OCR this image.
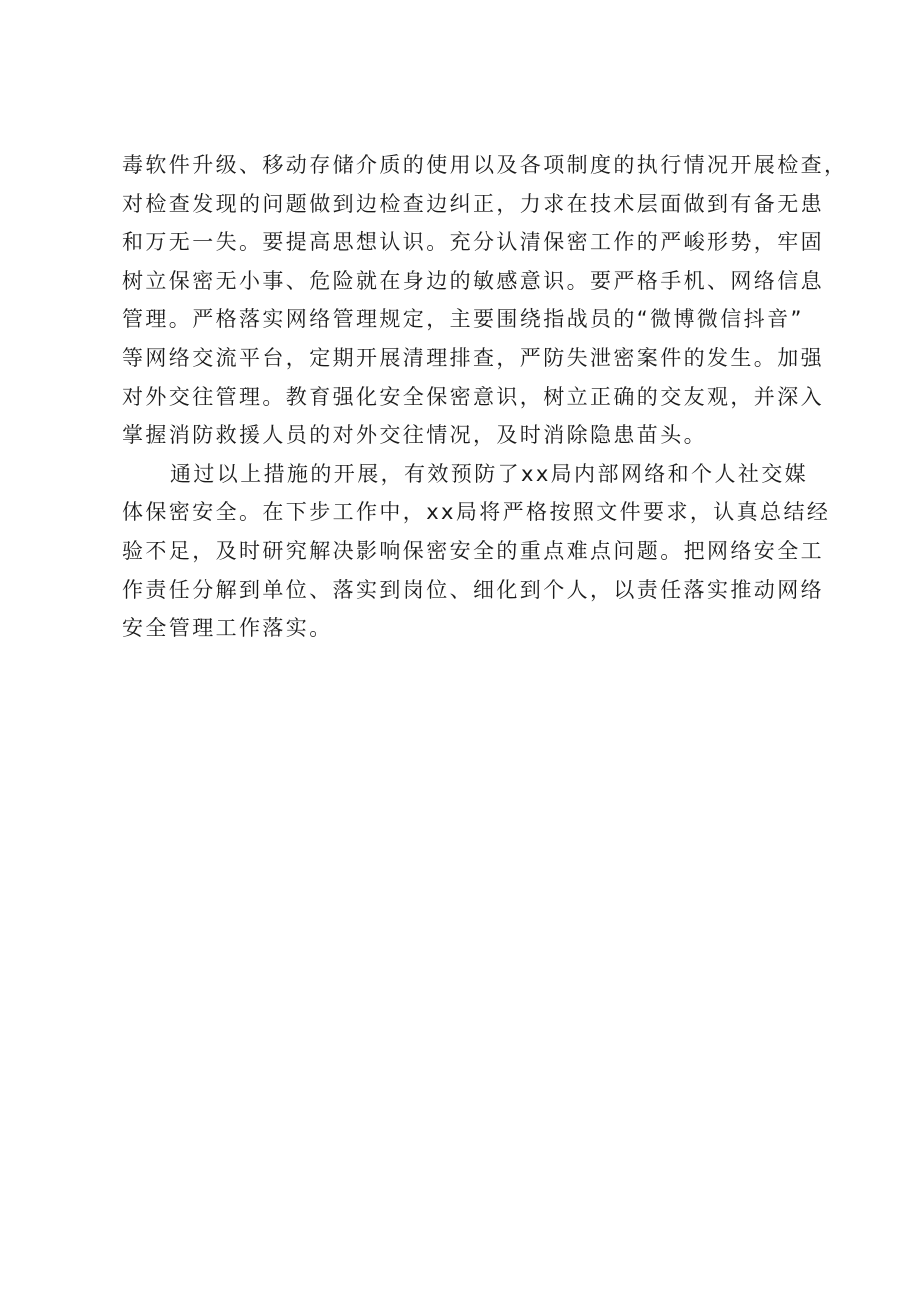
毒软件升级、移动存储介质的使用以及各项制度的执行情况开展检查，
对检查发现的问题做到边检查边纠正，力求在技术层面做到有备无患
和万无一失。要提高思想认识。充分认清保密工作的严峻形势，牢固
树立保密无小事、危险就在身边的敏感意识。要严格手机、网络信息
管理。严格落实网络管理规定，主要围绕指战员的“微博微信抖音”
等网络交流平台，定期开展清理排查，严防失泄密案件的发生。加强
对外交往管理。教育强化安全保密意识，树立正确的交友观，并深入
掌握消防救援人员的对外交往情况，及时消除隐患苗头。
通过以上措施的开展，有效预防了xx局内部网络和个人社交媒
体保密安全。在下步工作中，xx局将严格按照文件要求，认真总结经
验不足，及时研究解决影响保密安全的重点难点问题。把网络安全工
作责任分解到单位、落实到岗位、细化到个人，以责任落实推动网络
安全管理工作落实。
